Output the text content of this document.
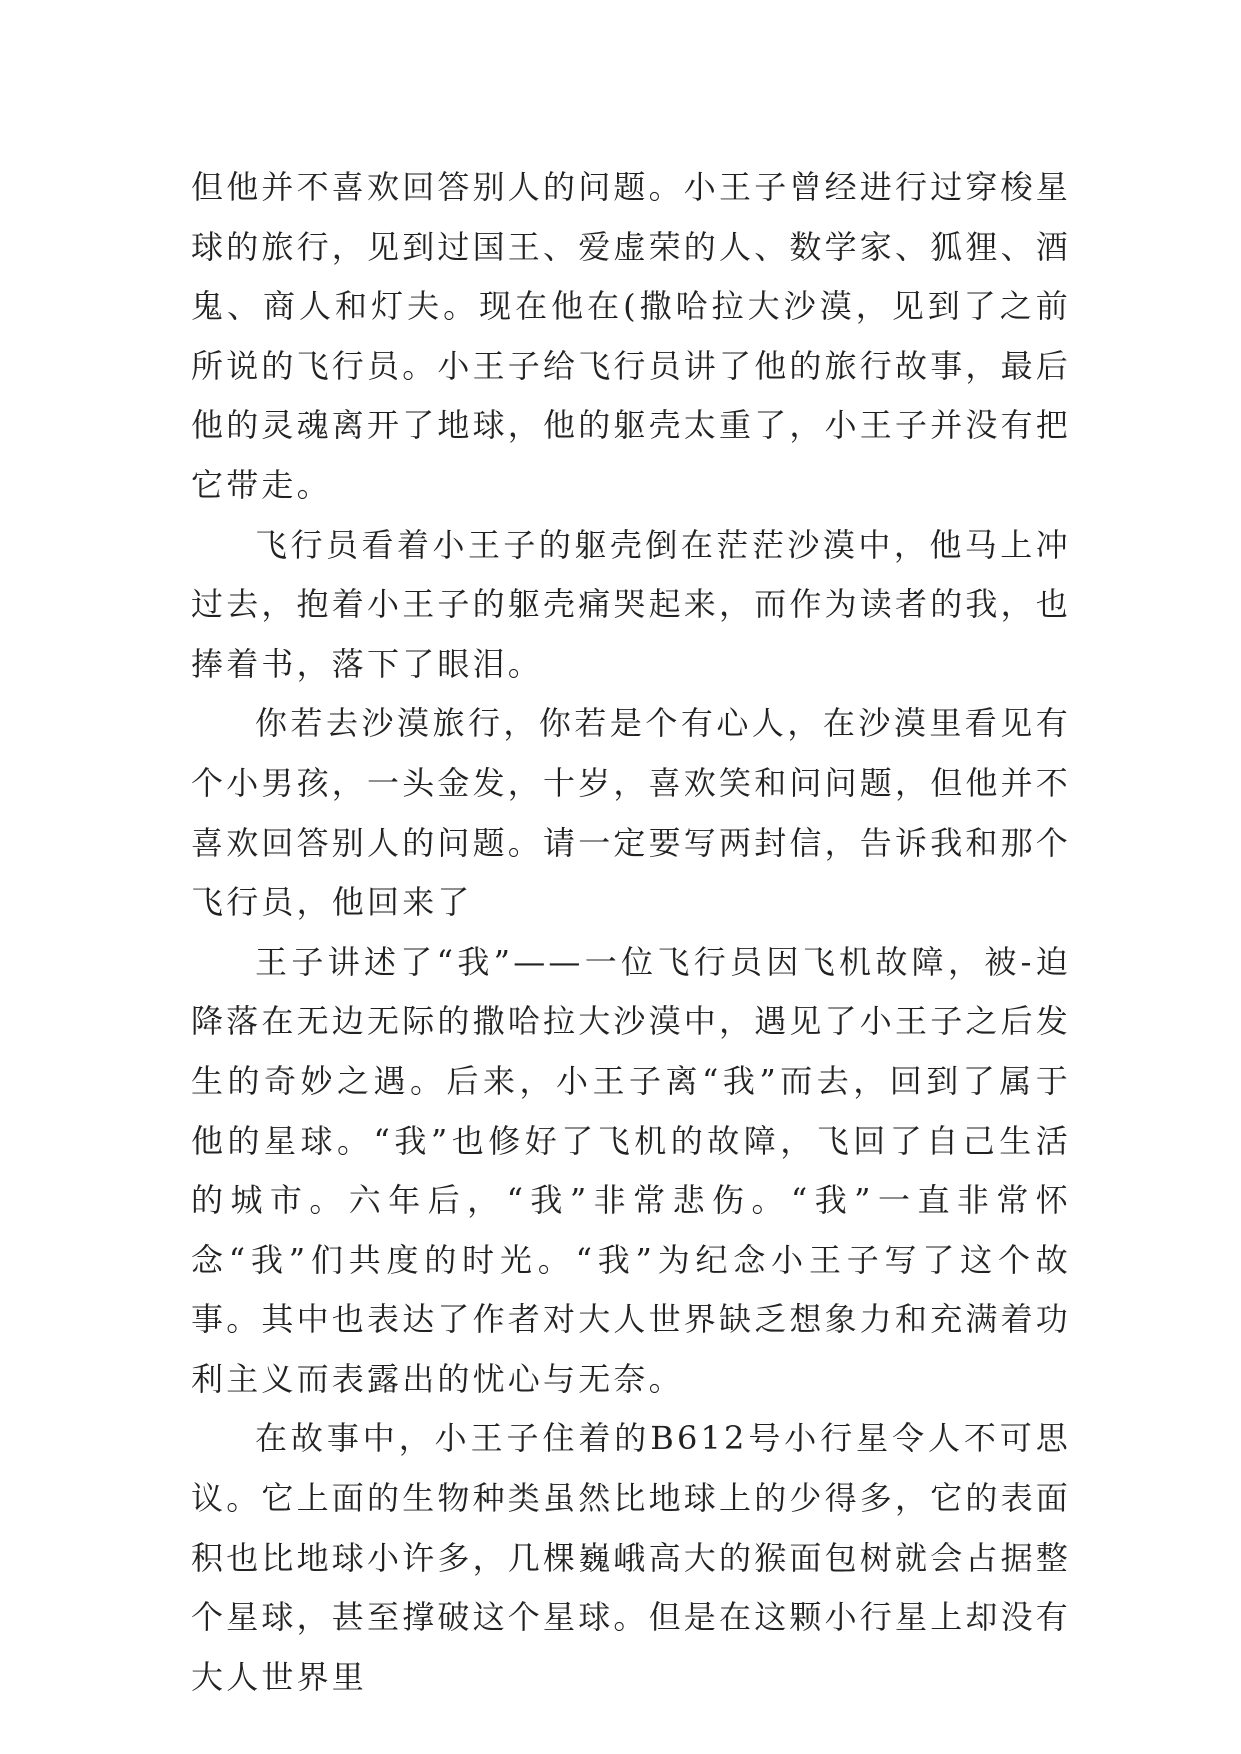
但他并不喜欢回答别人的问题。小王子曾经进行过穿梭星球的旅行，见到过国王、爱虚荣的人、数学家、狐狸、酒鬼、商人和灯夫。现在他在(撒哈拉大沙漠，见到了之前所说的飞行员。小王子给飞行员讲了他的旅行故事，最后他的灵魂离开了地球，他的躯壳太重了，小王子并没有把它带走。

飞行员看着小王子的躯壳倒在茫茫沙漠中，他马上冲过去，抱着小王子的躯壳痛哭起来，而作为读者的我，也捧着书，落下了眼泪。

你若去沙漠旅行，你若是个有心人，在沙漠里看见有个小男孩，一头金发，十岁，喜欢笑和问问题，但他并不喜欢回答别人的问题。请一定要写两封信，告诉我和那个飞行员，他回来了

王子讲述了“我”——一位飞行员因飞机故障，被-迫降落在无边无际的撒哈拉大沙漠中，遇见了小王子之后发生的奇妙之遇。后来，小王子离“我”而去，回到了属于他的星球。“我”也修好了飞机的故障，飞回了自己生活的城市。六年后，“我”非常悲伤。“我”一直非常怀念“我”们共度的时光。“我”为纪念小王子写了这个故事。其中也表达了作者对大人世界缺乏想象力和充满着功利主义而表露出的忧心与无奈。

在故事中，小王子住着的B612号小行星令人不可思议。它上面的生物种类虽然比地球上的少得多，它的表面积也比地球小许多，几棵巍峨高大的猴面包树就会占据整个星球，甚至撑破这个星球。但是在这颗小行星上却没有大人世界里
